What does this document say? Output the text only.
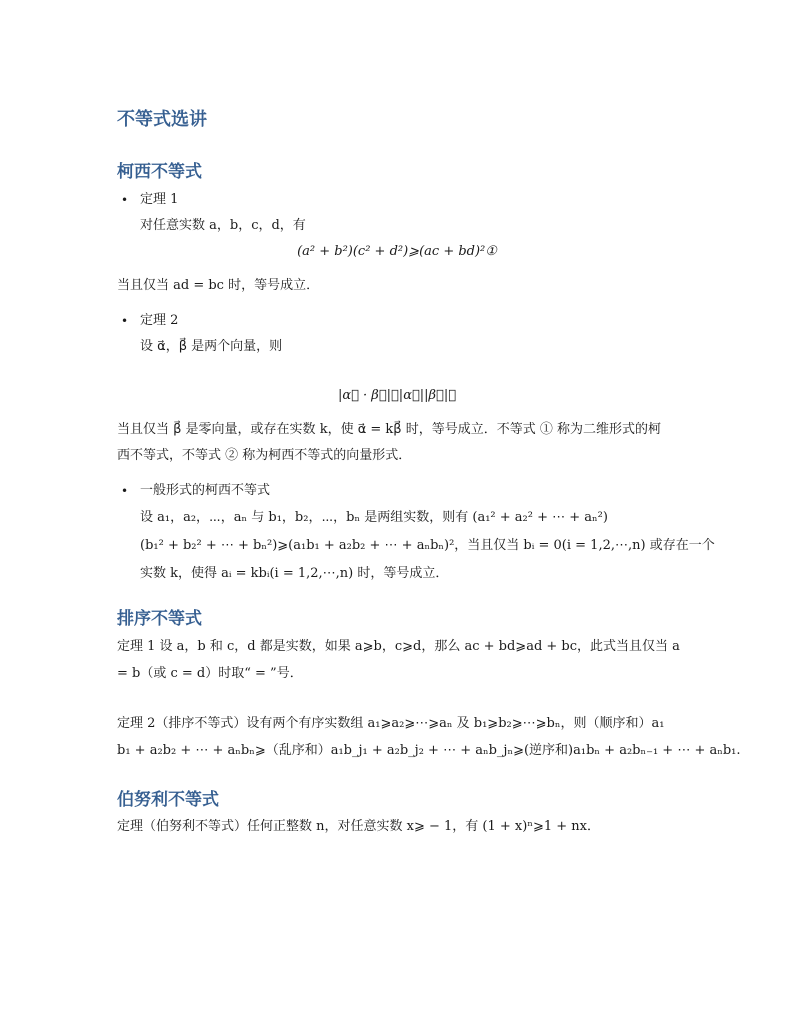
不等式选讲
柯西不等式
• 定理 1
对任意实数 a，b，c，d，有
(a² + b²)(c² + d²)⩾(ac + bd)²①
当且仅当 ad = bc 时，等号成立．
• 定理 2
设 α⃗，β⃗ 是两个向量，则
|α⃗ · β⃗|⩽|α⃗||β⃗|②
当且仅当 β⃗ 是零向量，或存在实数 k，使 α⃗ = kβ⃗ 时，等号成立．不等式 ① 称为二维形式的柯
西不等式，不等式 ② 称为柯西不等式的向量形式．
• 一般形式的柯西不等式
设 a₁，a₂，⋯，aₙ 与 b₁，b₂，⋯，bₙ 是两组实数，则有 (a₁² + a₂² + ⋯ + aₙ²)
(b₁² + b₂² + ⋯ + bₙ²)⩾(a₁b₁ + a₂b₂ + ⋯ + aₙbₙ)²，当且仅当 bᵢ = 0(i = 1,2,⋯,n) 或存在一个
实数 k，使得 aᵢ = kbᵢ(i = 1,2,⋯,n) 时，等号成立．
排序不等式
定理 1 设 a，b 和 c，d 都是实数，如果 a⩾b，c⩾d，那么 ac + bd⩾ad + bc，此式当且仅当 a
= b（或 c = d）时取“ = ”号．
定理 2（排序不等式）设有两个有序实数组 a₁⩾a₂⩾⋯⩾aₙ 及 b₁⩾b₂⩾⋯⩾bₙ，则（顺序和）a₁
b₁ + a₂b₂ + ⋯ + aₙbₙ⩾（乱序和）a₁b_j₁ + a₂b_j₂ + ⋯ + aₙb_jₙ⩾(逆序和)a₁bₙ + a₂bₙ₋₁ + ⋯ + aₙb₁.
伯努利不等式
定理（伯努利不等式）任何正整数 n，对任意实数 x⩾ − 1，有 (1 + x)ⁿ⩾1 + nx．
